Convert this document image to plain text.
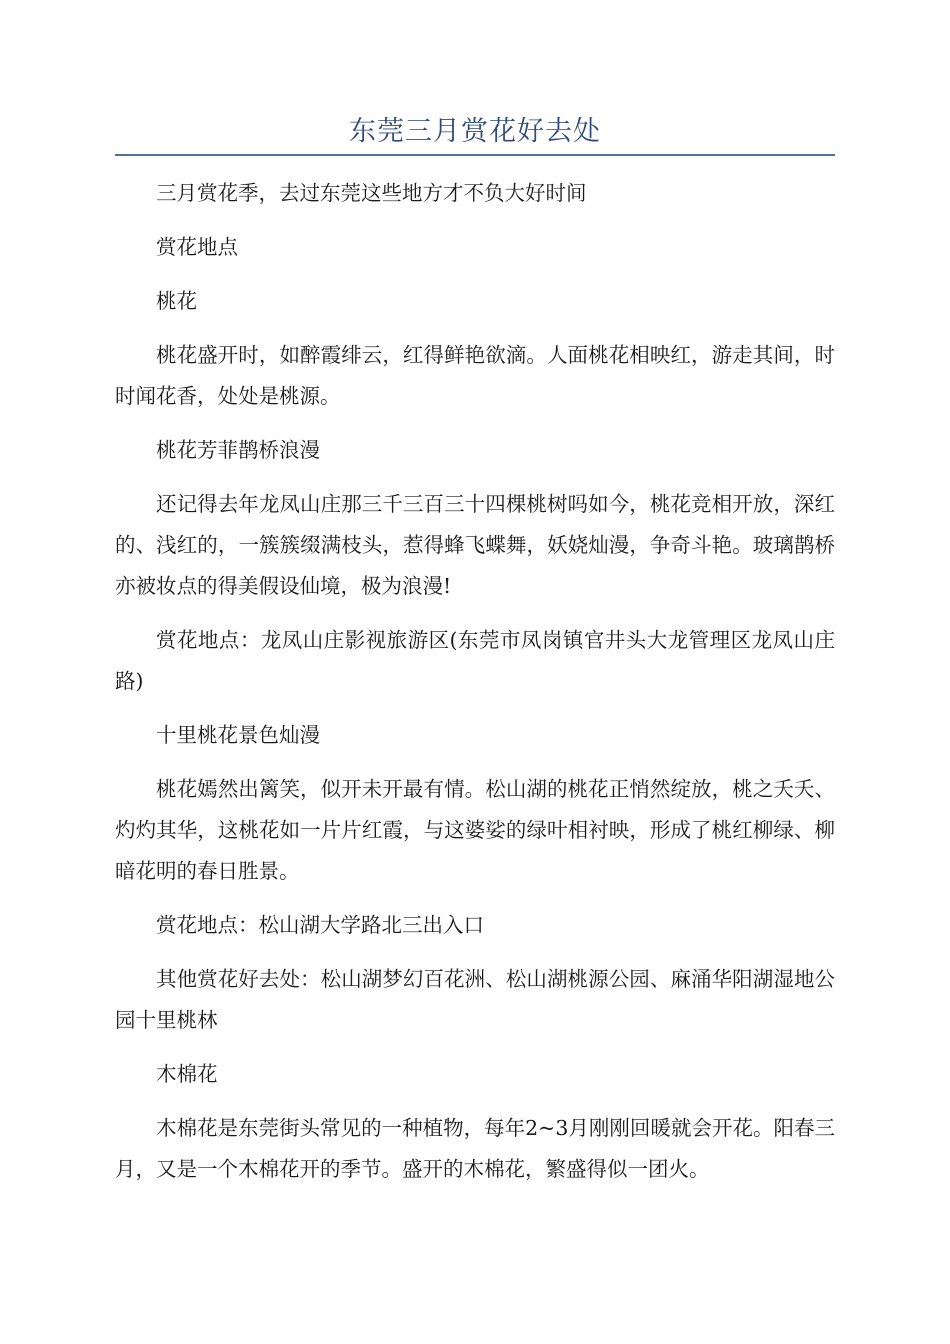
东莞三月赏花好去处

三月赏花季，去过东莞这些地方才不负大好时间

赏花地点

桃花

桃花盛开时，如醉霞绯云，红得鲜艳欲滴。人面桃花相映红，游走其间，时时闻花香，处处是桃源。

桃花芳菲鹊桥浪漫

还记得去年龙凤山庄那三千三百三十四棵桃树吗如今，桃花竞相开放，深红的、浅红的，一簇簇缀满枝头，惹得蜂飞蝶舞，妖娆灿漫，争奇斗艳。玻璃鹊桥亦被妆点的得美假设仙境，极为浪漫!

赏花地点：龙凤山庄影视旅游区(东莞市凤岗镇官井头大龙管理区龙凤山庄路)

十里桃花景色灿漫

桃花嫣然出篱笑，似开未开最有情。松山湖的桃花正悄然绽放，桃之夭夭、灼灼其华，这桃花如一片片红霞，与这婆娑的绿叶相衬映，形成了桃红柳绿、柳暗花明的春日胜景。

赏花地点：松山湖大学路北三出入口

其他赏花好去处：松山湖梦幻百花洲、松山湖桃源公园、麻涌华阳湖湿地公园十里桃林

木棉花

木棉花是东莞街头常见的一种植物，每年2~3月刚刚回暖就会开花。阳春三月，又是一个木棉花开的季节。盛开的木棉花，繁盛得似一团火。
